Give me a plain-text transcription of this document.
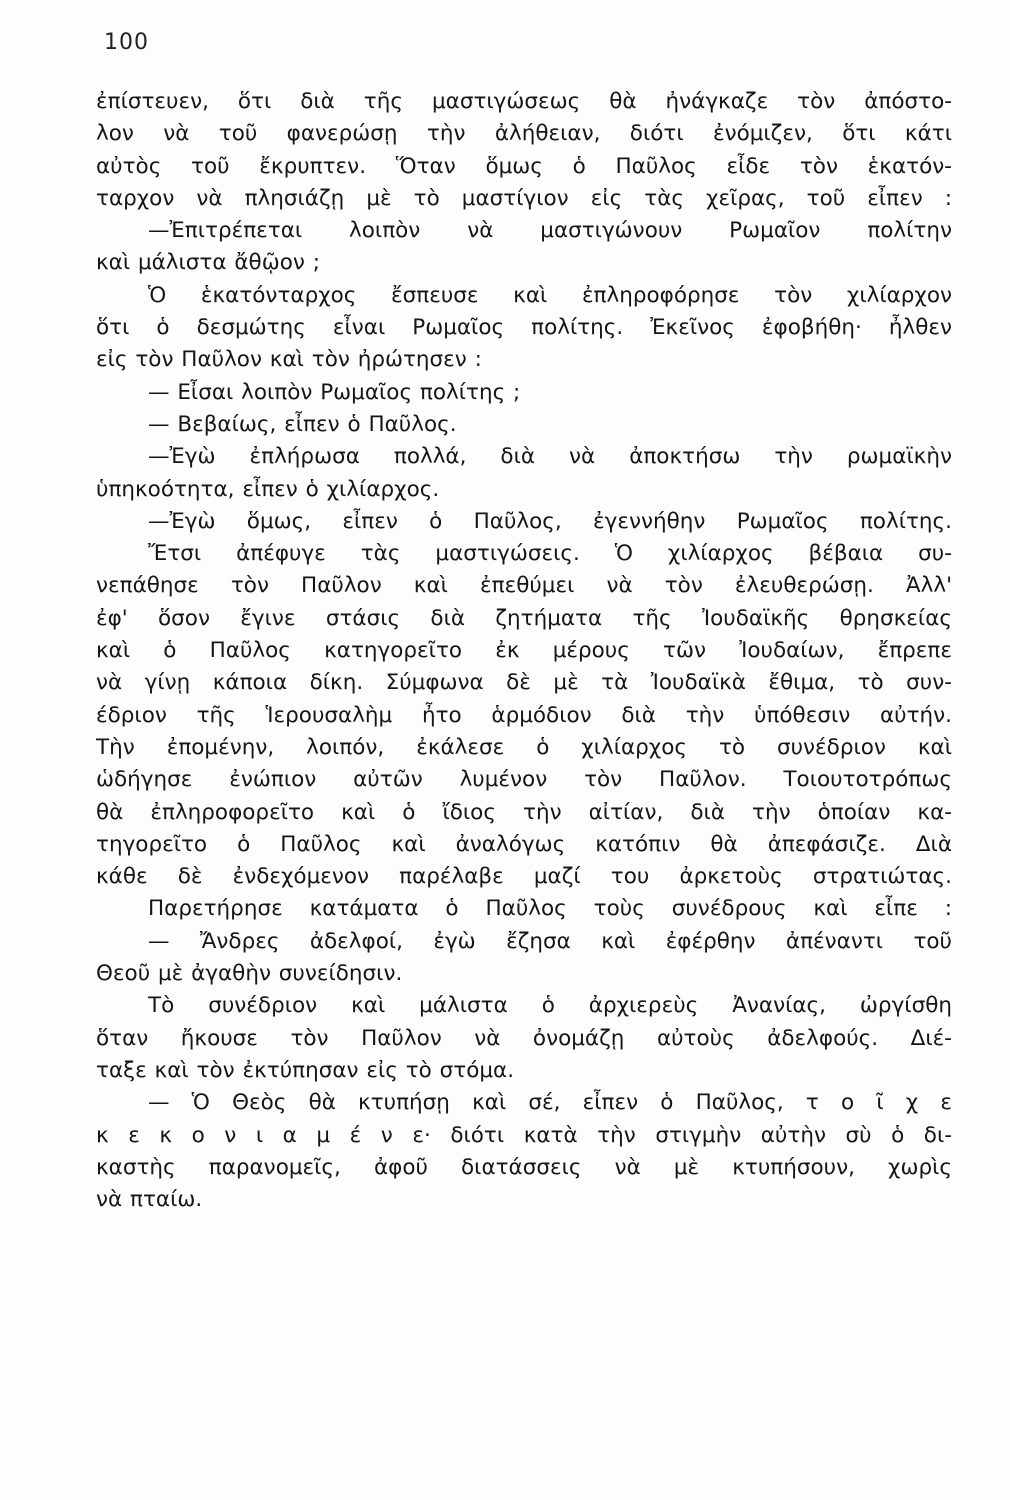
100
ἐπίστευεν, ὅτι διὰ τῆς μαστιγώσεως θὰ ἠνάγκαζε τὸν ἀπόστο-
λον νὰ τοῦ φανερώσῃ τὴν ἀλήθειαν, διότι ἐνόμιζεν, ὅτι κάτι
αὐτὸς τοῦ ἔκρυπτεν. Ὅταν ὅμως ὁ Παῦλος εἶδε τὸν ἑκατόν-
ταρχον νὰ πλησιάζῃ μὲ τὸ μαστίγιον εἰς τὰς χεῖρας, τοῦ εἶπεν :
—Ἐπιτρέπεται λοιπὸν νὰ μαστιγώνουν Ρωμαῖον πολίτην
καὶ μάλιστα ἄθῷον ;
Ὁ ἑκατόνταρχος ἔσπευσε καὶ ἐπληροφόρησε τὸν χιλίαρχον
ὅτι ὁ δεσμώτης εἶναι Ρωμαῖος πολίτης. Ἐκεῖνος ἐφοβήθη· ἦλθεν
εἰς τὸν Παῦλον καὶ τὸν ἠρώτησεν :
— Εἶσαι λοιπὸν Ρωμαῖος πολίτης ;
— Βεβαίως, εἶπεν ὁ Παῦλος.
—Ἐγὼ ἐπλήρωσα πολλά, διὰ νὰ ἀποκτήσω τὴν ρωμαϊκὴν
ὑπηκοότητα, εἶπεν ὁ χιλίαρχος.
—Ἐγὼ ὅμως, εἶπεν ὁ Παῦλος, ἐγεννήθην Ρωμαῖος πολίτης.
Ἔτσι ἀπέφυγε τὰς μαστιγώσεις. Ὁ χιλίαρχος βέβαια συ-
νεπάθησε τὸν Παῦλον καὶ ἐπεθύμει νὰ τὸν ἐλευθερώσῃ. Ἀλλ'
ἐφ' ὅσον ἔγινε στάσις διὰ ζητήματα τῆς Ἰουδαϊκῆς θρησκείας
καὶ ὁ Παῦλος κατηγορεῖτο ἐκ μέρους τῶν Ἰουδαίων, ἔπρεπε
νὰ γίνῃ κάποια δίκη. Σύμφωνα δὲ μὲ τὰ Ἰουδαϊκὰ ἔθιμα, τὸ συν-
έδριον τῆς Ἱερουσαλὴμ ἦτο ἁρμόδιον διὰ τὴν ὑπόθεσιν αὐτήν.
Τὴν ἐπομένην, λοιπόν, ἐκάλεσε ὁ χιλίαρχος τὸ συνέδριον καὶ
ὡδήγησε ἐνώπιον αὐτῶν λυμένον τὸν Παῦλον. Τοιουτοτρόπως
θὰ ἐπληροφορεῖτο καὶ ὁ ἴδιος τὴν αἰτίαν, διὰ τὴν ὁποίαν κα-
τηγορεῖτο ὁ Παῦλος καὶ ἀναλόγως κατόπιν θὰ ἀπεφάσιζε. Διὰ
κάθε δὲ ἐνδεχόμενον παρέλαβε μαζί του ἀρκετοὺς στρατιώτας.
Παρετήρησε κατάματα ὁ Παῦλος τοὺς συνέδρους καὶ εἶπε :
— Ἄνδρες ἀδελφοί, ἐγὼ ἔζησα καὶ ἐφέρθην ἀπέναντι τοῦ
Θεοῦ μὲ ἀγαθὴν συνείδησιν.
Τὸ συνέδριον καὶ μάλιστα ὁ ἀρχιερεὺς Ἀνανίας, ὠργίσθη
ὅταν ἤκουσε τὸν Παῦλον νὰ ὀνομάζῃ αὐτοὺς ἀδελφούς. Διέ-
ταξε καὶ τὸν ἐκτύπησαν εἰς τὸ στόμα.
— Ὁ Θεὸς θὰ κτυπήσῃ καὶ σέ, εἶπεν ὁ Παῦλος, τ ο ῖ χ ε
κ ε κ ο ν ι α μ έ ν ε· διότι κατὰ τὴν στιγμὴν αὐτὴν σὺ ὁ δι-
καστὴς παρανομεῖς, ἀφοῦ διατάσσεις νὰ μὲ κτυπήσουν, χωρὶς
νὰ πταίω.
